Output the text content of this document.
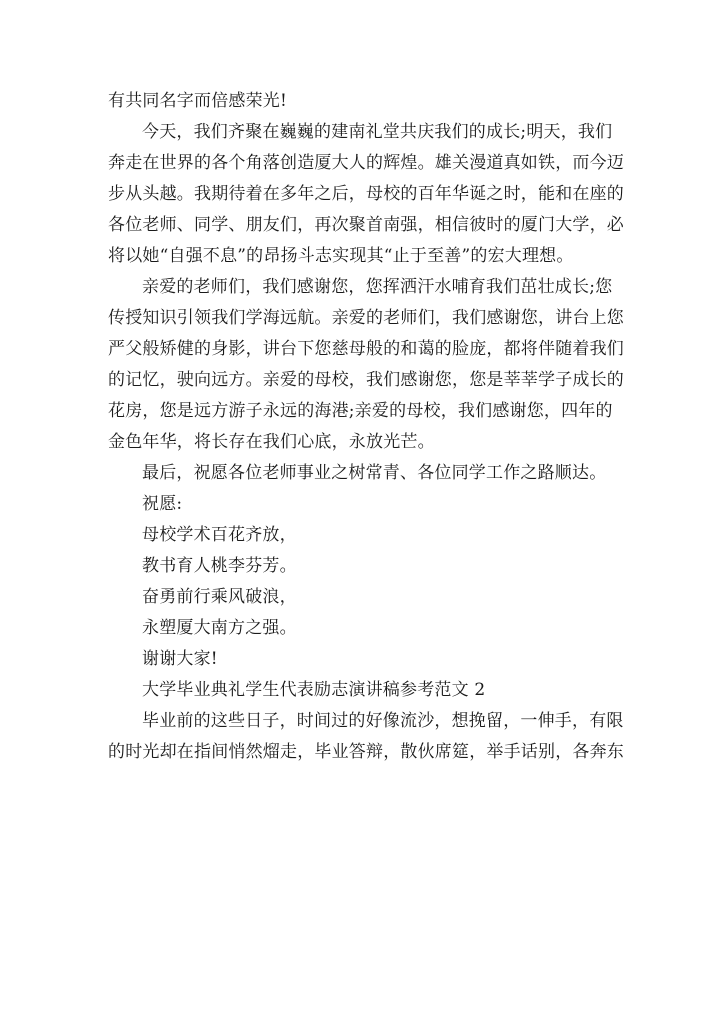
有共同名字而倍感荣光!
今天，我们齐聚在巍巍的建南礼堂共庆我们的成长;明天，我们
奔走在世界的各个角落创造厦大人的辉煌。雄关漫道真如铁，而今迈
步从头越。我期待着在多年之后，母校的百年华诞之时，能和在座的
各位老师、同学、朋友们，再次聚首南强，相信彼时的厦门大学，必
将以她“自强不息”的昂扬斗志实现其“止于至善”的宏大理想。
亲爱的老师们，我们感谢您，您挥洒汗水哺育我们茁壮成长;您
传授知识引领我们学海远航。亲爱的老师们，我们感谢您，讲台上您
严父般矫健的身影，讲台下您慈母般的和蔼的脸庞，都将伴随着我们
的记忆，驶向远方。亲爱的母校，我们感谢您，您是莘莘学子成长的
花房，您是远方游子永远的海港;亲爱的母校，我们感谢您，四年的
金色年华，将长存在我们心底，永放光芒。
最后，祝愿各位老师事业之树常青、各位同学工作之路顺达。
祝愿:
母校学术百花齐放，
教书育人桃李芬芳。
奋勇前行乘风破浪，
永塑厦大南方之强。
谢谢大家!
大学毕业典礼学生代表励志演讲稿参考范文 2
毕业前的这些日子，时间过的好像流沙，想挽留，一伸手，有限
的时光却在指间悄然熘走，毕业答辩，散伙席筵，举手话别，各奔东
